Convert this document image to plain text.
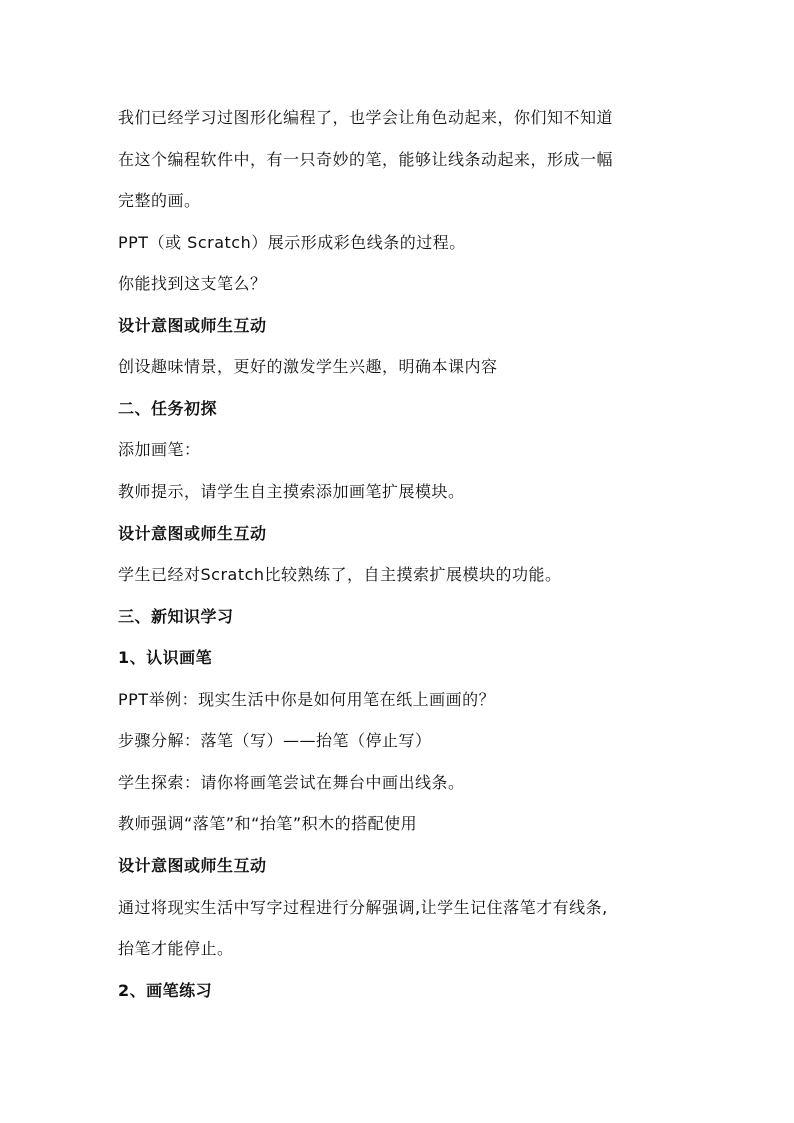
我们已经学习过图形化编程了，也学会让角色动起来，你们知不知道
在这个编程软件中，有一只奇妙的笔，能够让线条动起来，形成一幅
完整的画。
PPT（或 Scratch）展示形成彩色线条的过程。
你能找到这支笔么？
设计意图或师生互动
创设趣味情景，更好的激发学生兴趣，明确本课内容
二、任务初探
添加画笔：
教师提示，请学生自主摸索添加画笔扩展模块。
设计意图或师生互动
学生已经对Scratch比较熟练了，自主摸索扩展模块的功能。
三、新知识学习
1、认识画笔
PPT举例：现实生活中你是如何用笔在纸上画画的？
步骤分解：落笔（写）——抬笔（停止写）
学生探索：请你将画笔尝试在舞台中画出线条。
教师强调“落笔”和“抬笔”积木的搭配使用
设计意图或师生互动
通过将现实生活中写字过程进行分解强调,让学生记住落笔才有线条,
抬笔才能停止。
2、画笔练习
